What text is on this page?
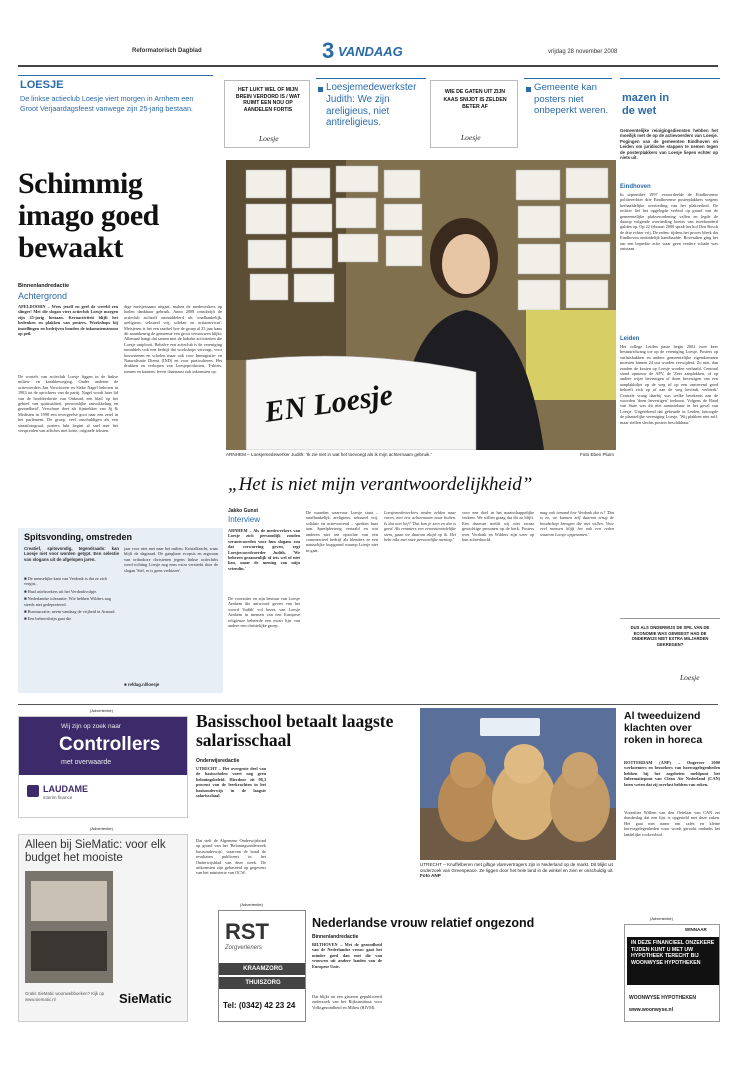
Reformatorisch Dagblad	3 VANDAAG	vrijdag 28 november 2008
LOESJE
De linkse actieclub Loesje viert morgen in Arnhem een Groot Verjaardagsfeest vanwege zijn 25-jarig bestaan.
HET LUKT WEL OF MIJN BREIN VERDORD IS / WAT RUIMT EEN NOU OP AANDELEN FORTIS
Loesje
Loesjemedewerkster Judith: We zijn areligieus, niet antireligieus.
WIE DE GATEN UIT ZIJN KAAS SNIJDT IS ZELDEN BETER AF
Loesje
Gemeente kan posters niet onbeperkt weren.
mazen in
de wet
Gemeentelijke reinigingsdiensten hebben het moeilijk met de op de actievoerders van Loesje. Pogingen van de gemeenten Eindhoven en Leiden om juridische stappen te nemen tegen de posterplakkers van Loesje liepen echter op niets uit.
Eindhoven
In september 1997 veroordeelde de Eindhovense politierechter drie Eindhovense posterplakkers wegens herhaaldelijke overtreding van het plakverbod. De rechter liet het opgelegde verbod op grond van de gemeentelijke plakverordening vallen en legde de daarop volgende overtreding boetes van tweehonderd gulden op. Op 22 februari 2000 sprak het hof Den Bosch de drie echter vrij. De reden: tijdens het proces bleek dat Eindhoven onduidelijk handhaafde. Bovendien ging het om een beperkte actie waar geen verdere schade was ontstaan.
Leiden
Het college Leiden paste begin 2002 twee keer bestuursdwang toe op de vereniging Loesje. Posters op vuilnisbakken en andere gemeentelijke eigendommen moesten binnen 24 uur worden verwijderd. Zo niet, dan zouden de kosten op Loesje worden verhaald. Centraal stond opnieuw de APV, de 'Zeer aanplakken, of op andere wijze bevestigen of doen bevestigen van een aanplakbiljet op de weg of op een onroerend goed behoeft zich op of aan de weg bevindt, verbiedt.' Centrale vraag daarbij was welke betekenis aan de woorden 'doen bevestigen' toekomt. Volgens de Raad van State was dit niet aantoonbaar in het geval van Loesje. Uitgerekend dat gebeurde in Leiden, betoogde de plaatselijke vereniging Loesje, 'Wij plakken niet zelf, maar stellen slechts posters beschikbaar.'
DUS ALS ONDERWIJS DE SPIL VAN DE ECONOMIE WAS GEWEEST HAD DE ONDERWIJS NIET EXTRA MILJARDEN GEKREGEN?
Loesje
Schimmig imago goed bewaakt
Binnenlandredactie
Achtergrond
APELDOORN – Wees jezelf en geef de wereld een slinger! Met die slogan viert actieclub Loesje morgen zijn 25-jarig bestaan. Kernactiviteit blijft het bedenken en plakken van posters. Workshops bij instellingen en bedrijven bouden de inkomstenstroom op peil.
De wortels van actieclub Loesje liggen in de linkse milieu- en kraakbeweging. Onder anderen de actievoerders Jan Verschoren en Sieke Nagel behoren in 1983 tot de oprichters van de partij. Nagel wordt later lid van de hoofdredactie van Onkruid, een blad 'op het gebied van spiritualiteit, persoonlijke ontwikkeling en gezondheid'. Verschure doet als fijntrekker van Jij & Medisten in 1998 een tevergeefse gooi naar een zetel in het parlement. De groep, veel onschuldigen als een straatfotograaf, posters lukt begint al snel met het verspreiden van affiches met korte, originele teksten.
dige meisjesnaam uitgaat, maken de medewerkers op hoden dankbaar gebruik. Anno 2008 omschrijft de actieclub zichzelf ommiddelerd als 'onafhankelijk, areligieus, seksueel vrij, solidair en actiaontvicut'. Meisjesen is het een raadsel hoe de groep al 25 jaar kans dit naamkeurig de gemeente een groot vertrouwen blijkt; Allemaal hangt dat samen met de ludieke activiteiten die Loesje ontplooit. Behalve een actieclub is de vereniging inmiddels ook een bedrijf dat workshops verzorgt, voor bouwstenen en scholen maar ook voor Immigratie- en Naturalisatie Dienst (IND) en voor particulieren. Het drukken en verkopen van Loesjeproducten, T-shirts, tonnen en kaarten, levert daarnaast ook inkomsten op.
EN Loesje
ARNHEM – Loesjemedewerker Judith: 'Ik zie niet in wat het toevoegt als ik mijn achternaam gebruik.'	Foto Eben Pluim
Spitsvonding, omstreden
Creatief, spitsvondig, tegendraads: kan Loesje niet voor worden getypt. Een selectie van slogans uit de afgelopen jaren.
■ De menselijke kant van Verdonk is dat ze zich vergist.
■ Haal asielzoekers uit het Verdonkvolpje.
■ Nederlandse tolerantie: Wie hebben Wilders nog steeds niet gedeporteerd.
■ Bureaucratie, neem vandaag de vrijheid in Arnoud.
■ Een beheersbrijn gaat die
jaar voor niet met naar het milieu. Kristalkracht, waar blijft de dagtraad. De gangbare ecopsis en argwaan van orthodoxe christenen jegens linkse actieclubs werd richting Loesje nog eens extra versterkt door de slogan 'Stel, er is geen verkiezer'.
■ refdag.nl/loesje
„Het is niet mijn verantwoordelijkheid”
Jakko Gunst
Interview
ARNHEM – Als de medewerkers van Loesje zich persoonlijk zouden verantwoorden voor hun slogans zou dat verwarring geven, zegt Loesjewoordvoerder Judith. 'We beheren gezamenlijk of iets wel of niet kan, maar de mening van mijn vriendin.'
De voorzitter en zijn bestuur van Loesje Arnhem die antwoord geven van het woord 'Judith' vol bezet, van Loesje Arnhem in mensen van een Europese religieuze beheerde een zwart lijst van andere een christelijke groep.
De waarden waarvoor Loesje staat – onafhankelijk, areligieus, seksueel vrij, solidair en actievoerend – spreken haar aan. Speelplezierig vertaald en wat anderen niet ten opzichte van een commercieel bedrijf als blenders ze een natuurlijke loopgrond waarop Loesje niet in gaat.
Loesjemedewerkers treden zelden naar voren, met een achternaam naar buiten. Is dat niet lief? 'Dat kan je zien en dat is goed. Als rentniers een verantwoordelijke stem, gaan we daarom altijd op ik. Het hebt niks met onze persoonlijke mening.'
voor een doel in het maatschappelijke verkeer. We willen graag dat dit zo blijft. Een daarvan meldt wij niet zwaar gewichtige personen op de kerk. Posters over Verdonk en Wilders zijn weer op hun achterhoofd.
mag ook iemand hoe Verdonk dat is? 'Dat is zo, we kunnen zelf daarom terug de boodschap brengen die niet willen. Voor veel mensen blijft het ook een reden waarom Loesje opgenomen.'
(Advertentie)
Wij zijn op zoek naar
Controllers
met overwaarde
LAUDAME
interim finance
(Advertentie)
Alleen bij SieMatic: voor elk budget het mooiste
Gratis SieMatic woonwebboeken? Kijk op www.siematic.nl	SieMatic
Basisschool betaalt laagste salarisschaal
Onderwijsredactie
UTRECHT – Het overgrote deel van de basisscholen voert nog geen beloningsbeleid. Hierdoor zit 98,3 procent van de leerkrachten in het basisonderwijs in de laagste salarisschaal.
Dat stelt de Algemene Onderwijsbond op grond van het 'Beloningsonderzoek basisonderwijs', waarvan de bond de resultaten publiceert in het Onderwijsblad van deze week. De uitkomsten zijn gebaseerd op gegevens van het ministerie van OCW.
(Advertentie)
RST
Zorgverleners
KRAAMZORG
THUISZORG
Tel: (0342) 42 23 24
UTRECHT – Knuffelberen met giftige vlamvertragers zijn in Nederland op de markt. Dit blijkt uit onderzoek van Greenpeace. Ze liggen door het hele land in de winkel en zien er onschuldig uit. Foto ANP
Al tweeduizend klachten over roken in horeca
ROTTERDAM (ANP) – Ongeveer 2000 werknemers en bezoekers van horecagelegenheden hebben bij het zogeheten meldpunt het Informatiepunt van Clean Air Nederland (CAN) laten weten dat zij overlast hebben van roken.
Voorzitter Willem van den Oetelaar van CAN zei donderdag dat een lijst is opgesteld met deze zaken. Het gaat met name om cafés en kleine horecagelegenheden waar wordt gerookt ondanks het landelijke rookverbod.
Nederlandse vrouw relatief ongezond
Binnenlandredactie
BILTHOVEN – Met de gezondheid van de Nederlandse vrouw gaat het minder goed dan met die van vrouwen uit andere landen van de Europese Unie.
Dat blijkt uit een gisteren gepubliceerd onderzoek van het Rijksinstituut voor Volksgezondheid en Milieu (RIVM).
(Advertentie)
WINNAAR
IN DEZE FINANCIEEL ONZEKERE TIJDEN KUNT U MET UW HYPOTHEEK TERECHT BIJ WOONWYSE HYPOTHEKEN
WOONWYSE HYPOTHEKEN
www.woonwyse.nl
